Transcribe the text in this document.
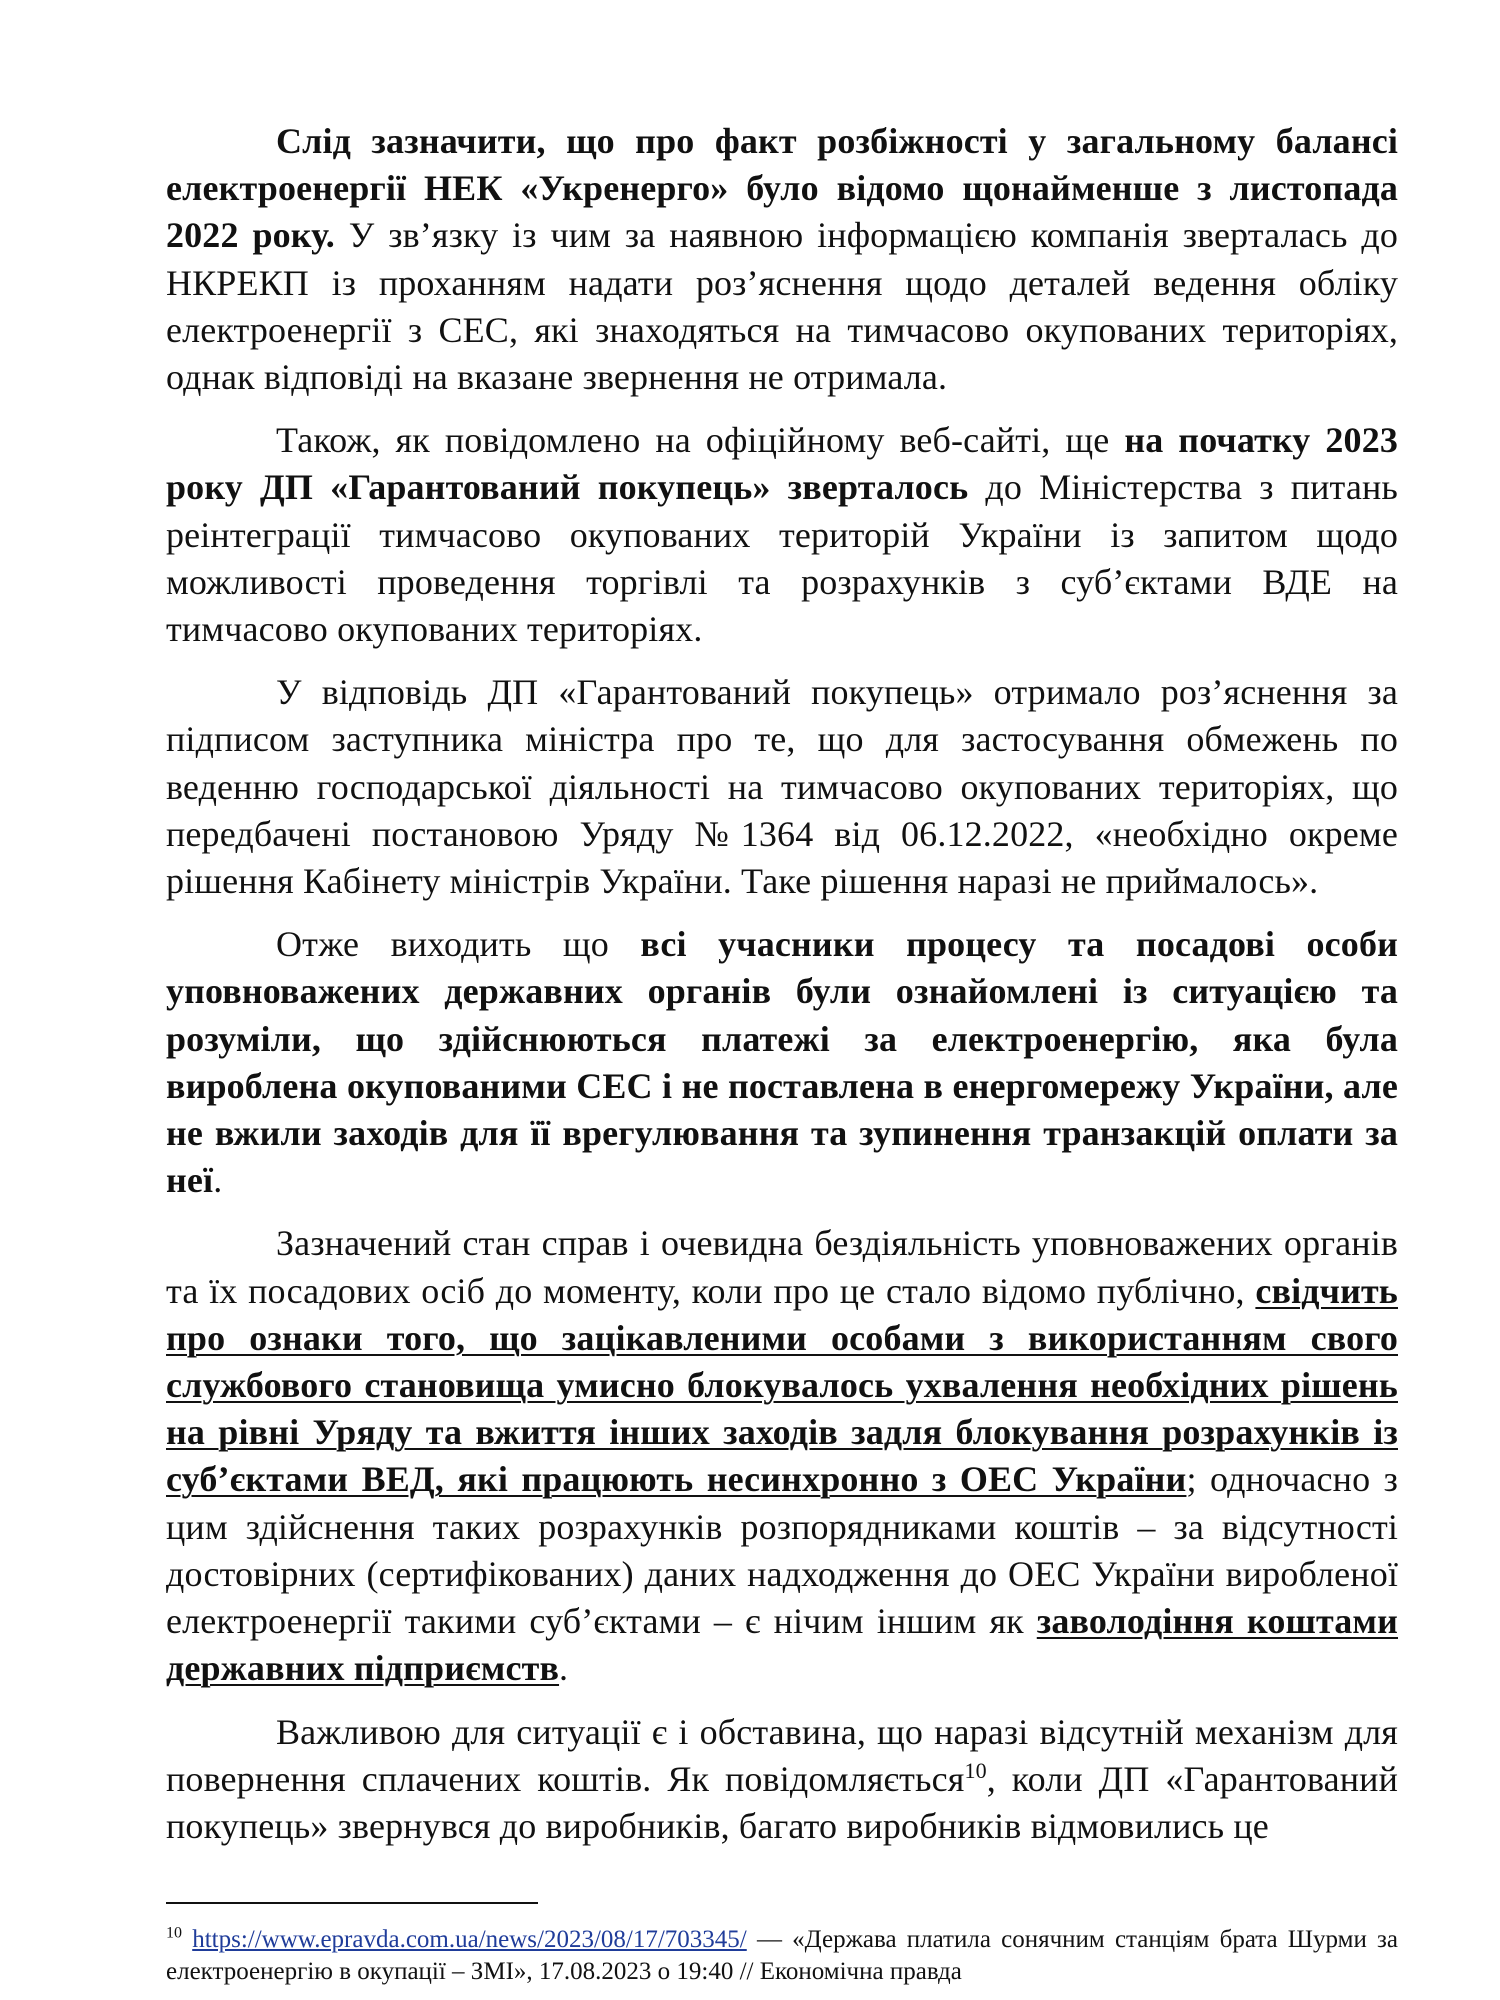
Слід зазначити, що про факт розбіжності у загальному балансі електроенергії НЕК «Укренерго» було відомо щонайменше з листопада 2022 року. У зв’язку із чим за наявною інформацією компанія зверталась до НКРЕКП із проханням надати роз’яснення щодо деталей ведення обліку електроенергії з СЕС, які знаходяться на тимчасово окупованих територіях, однак відповіді на вказане звернення не отримала.

Також, як повідомлено на офіційному веб-сайті, ще на початку 2023 року ДП «Гарантований покупець» зверталось до Міністерства з питань реінтеграції тимчасово окупованих територій України із запитом щодо можливості проведення торгівлі та розрахунків з суб’єктами ВДЕ на тимчасово окупованих територіях.

У відповідь ДП «Гарантований покупець» отримало роз’яснення за підписом заступника міністра про те, що для застосування обмежень по веденню господарської діяльності на тимчасово окупованих територіях, що передбачені постановою Уряду №1364 від 06.12.2022, «необхідно окреме рішення Кабінету міністрів України. Таке рішення наразі не приймалось».

Отже виходить що всі учасники процесу та посадові особи уповноважених державних органів були ознайомлені із ситуацією та розуміли, що здійснюються платежі за електроенергію, яка була вироблена окупованими СЕС і не поставлена в енергомережу України, але не вжили заходів для її врегулювання та зупинення транзакцій оплати за неї.

Зазначений стан справ і очевидна бездіяльність уповноважених органів та їх посадових осіб до моменту, коли про це стало відомо публічно, свідчить про ознаки того, що зацікавленими особами з використанням свого службового становища умисно блокувалось ухвалення необхідних рішень на рівні Уряду та вжиття інших заходів задля блокування розрахунків із суб’єктами ВЕД, які працюють несинхронно з ОЕС України; одночасно з цим здійснення таких розрахунків розпорядниками коштів – за відсутності достовірних (сертифікованих) даних надходження до ОЕС України виробленої електроенергії такими суб’єктами – є нічим іншим як заволодіння коштами державних підприємств.

Важливою для ситуації є і обставина, що наразі відсутній механізм для повернення сплачених коштів. Як повідомляється$^{10}$, коли ДП «Гарантований покупець» звернувся до виробників, багато виробників відмовились це

$^{10}$ https://www.epravda.com.ua/news/2023/08/17/703345/ — «Держава платила сонячним станціям брата Шурми за електроенергію в окупації – ЗМІ», 17.08.2023 о 19:40 // Економічна правда
